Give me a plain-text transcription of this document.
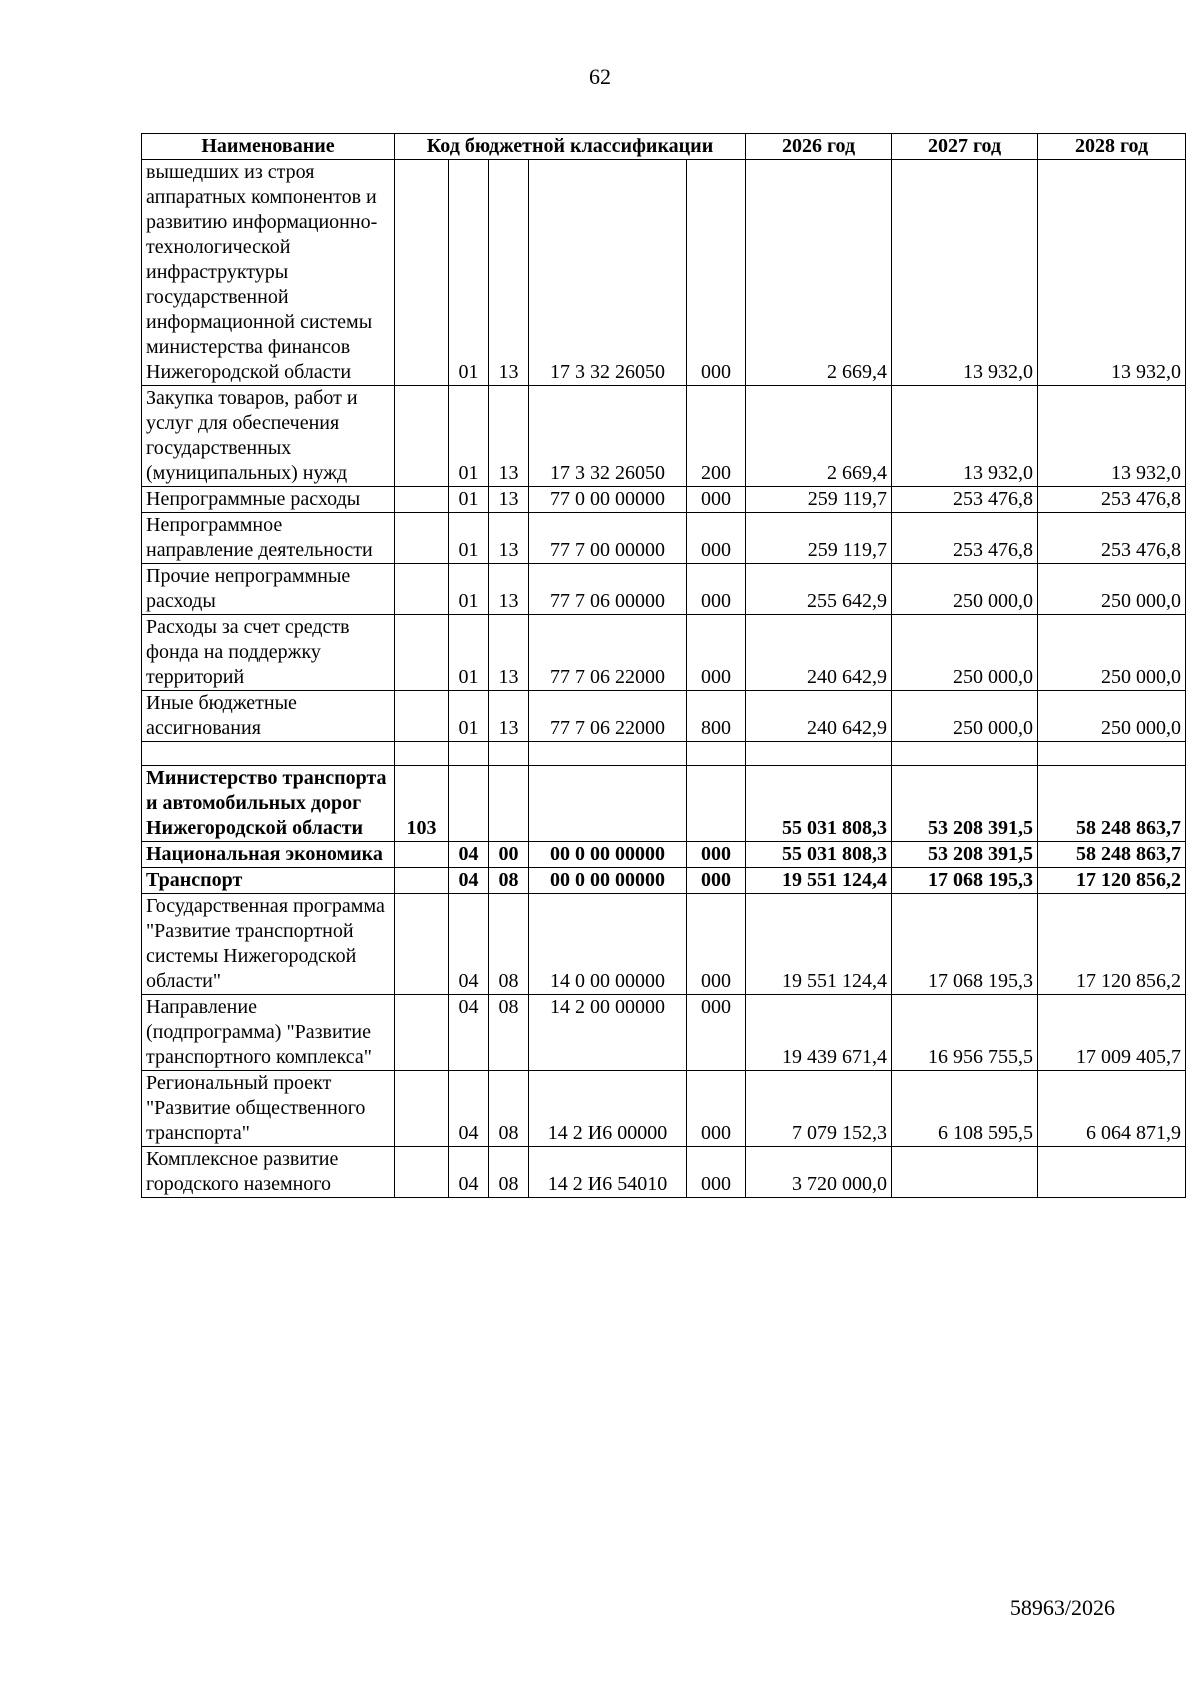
62
Наименование	Код бюджетной классификации					2026 год	2027 год	2028 год
вышедших из строя аппаратных компонентов и развитию информационно-технологической инфраструктуры государственной информационной системы министерства финансов Нижегородской области		01	13	17 3 32 26050	000	2 669,4	13 932,0	13 932,0
Закупка товаров, работ и услуг для обеспечения государственных (муниципальных) нужд		01	13	17 3 32 26050	200	2 669,4	13 932,0	13 932,0
Непрограммные расходы		01	13	77 0 00 00000	000	259 119,7	253 476,8	253 476,8
Непрограммное направление деятельности		01	13	77 7 00 00000	000	259 119,7	253 476,8	253 476,8
Прочие непрограммные расходы		01	13	77 7 06 00000	000	255 642,9	250 000,0	250 000,0
Расходы за счет средств фонда на поддержку территорий		01	13	77 7 06 22000	000	240 642,9	250 000,0	250 000,0
Иные бюджетные ассигнования		01	13	77 7 06 22000	800	240 642,9	250 000,0	250 000,0

Министерство транспорта и автомобильных дорог Нижегородской области	103					55 031 808,3	53 208 391,5	58 248 863,7
Национальная экономика		04	00	00 0 00 00000	000	55 031 808,3	53 208 391,5	58 248 863,7
Транспорт		04	08	00 0 00 00000	000	19 551 124,4	17 068 195,3	17 120 856,2
Государственная программа "Развитие транспортной системы Нижегородской области"		04	08	14 0 00 00000	000	19 551 124,4	17 068 195,3	17 120 856,2
Направление (подпрограмма) "Развитие транспортного комплекса"		04	08	14 2 00 00000	000	19 439 671,4	16 956 755,5	17 009 405,7
Региональный проект "Развитие общественного транспорта"		04	08	14 2 И6 00000	000	7 079 152,3	6 108 595,5	6 064 871,9
Комплексное развитие городского наземного		04	08	14 2 И6 54010	000	3 720 000,0		
58963/2026
